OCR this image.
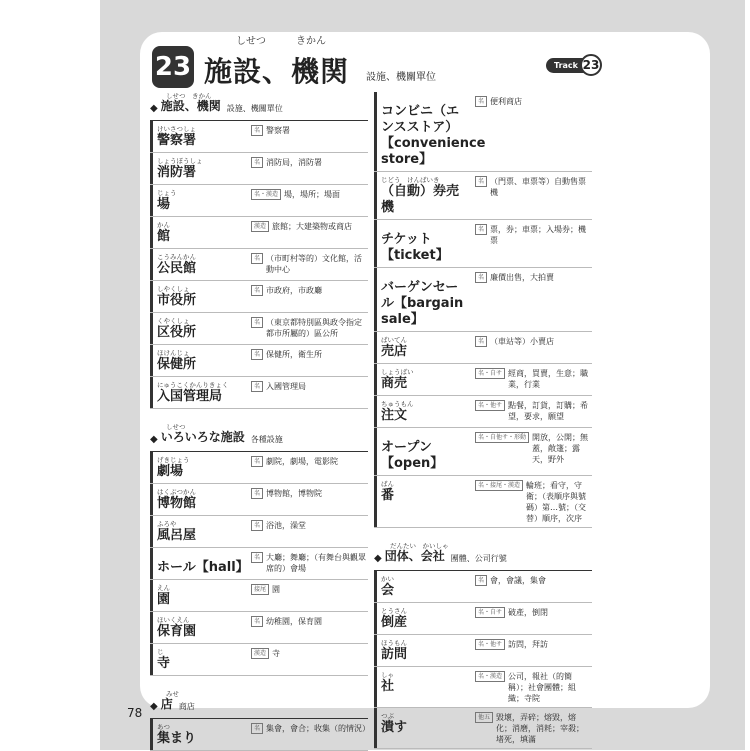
23
しせつ	きかん
施設、機関 設施、機關單位
Track 23
しせつ　きかん
◆ 施設、機関 設施、機關單位
けいさつしょ
警察署
名 警察署
しょうぼうしょ
消防署
名 消防局，消防署
じょう
場
名・漢造 場，場所；場面
かん
館
漢造 旅館；大建築物或商店
こうみんかん
公民館
名 （市町村等的）文化館，活動中心
しやくしょ
市役所
名 市政府，市政廳
くやくしょ
区役所
名 （東京都特別區與政令指定都市所屬的）區公所
ほけんじょ
保健所
名 保健所，衛生所
にゅうこくかんりきょく
入国管理局
名 入國管理局
しせつ
◆ いろいろな施設 各種設施
げきじょう
劇場
名 劇院，劇場，電影院
はくぶつかん
博物館
名 博物館，博物院
ふろや
風呂屋
名 浴池，澡堂
ホール【hall】
名 大廳；舞廳；（有舞台與觀眾席的）會場
えん
園
接尾 園
ほいくえん
保育園
名 幼稚園，保育園
じ
寺
漢造 寺
みせ
◆ 店 商店
あつ
集まり
名 集會，會合；收集（的情況）
コンビニ（エンスストア）【convenience store】
名 便利商店
じどう　けんばいき
（自動）券売機
名 （門票、車票等）自動售票機
チケット【ticket】
名 票，券；車票；入場券；機票
バーゲンセール【bargain sale】
名 廉價出售，大拍賣
ばいてん
売店
名 （車站等）小賣店
しょうばい
商売
名・自サ 經商，買賣，生意；職業，行業
ちゅうもん
注文
名・他サ 點餐，訂貨，訂購；希望，要求，願望
オープン【open】
名・自他サ・形動 開放，公開；無蓋，敞篷；露天，野外
ばん
番
名・接尾・漢造 輪班；看守，守衛；（表順序與號碼）第…號；（交替）順序，次序
だんたい　かいしゃ
◆ 団体、会社 團體、公司行號
かい
会
名 會，會議，集會
とうさん
倒産
名・自サ 破產，倒閉
ほうもん
訪問
名・他サ 訪問，拜訪
しゃ
社
名・漢造 公司，報社（的簡稱）；社會團體；組織；寺院
つぶ
潰す
他五 毀壞，弄碎；熔毀，熔化；消磨，消耗；宰殺；堵死，填滿
78
